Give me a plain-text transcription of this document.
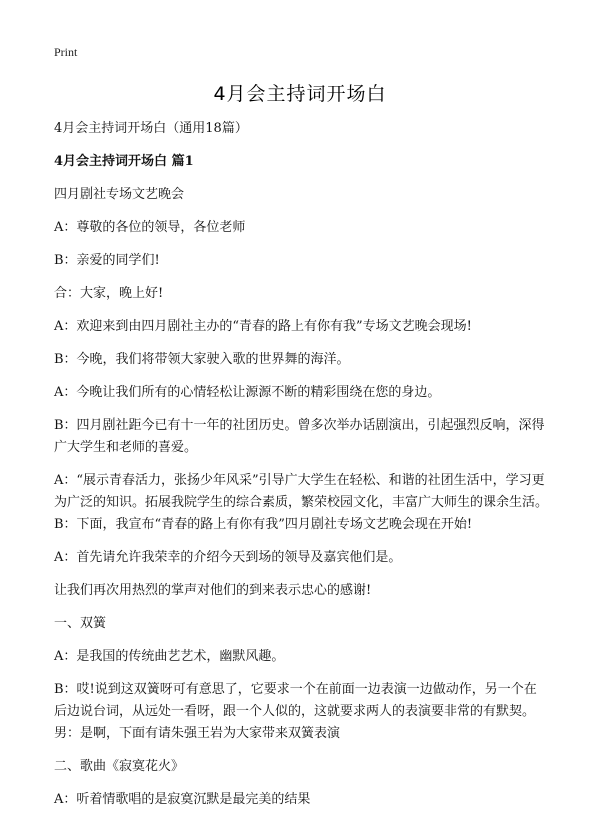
Print
4月会主持词开场白

4月会主持词开场白（通用18篇）

4月会主持词开场白 篇1

四月剧社专场文艺晚会

A：尊敬的各位的领导，各位老师

B：亲爱的同学们!

合：大家，晚上好!

A：欢迎来到由四月剧社主办的“青春的路上有你有我”专场文艺晚会现场!

B：今晚，我们将带领大家驶入歌的世界舞的海洋。

A：今晚让我们所有的心情轻松让源源不断的精彩围绕在您的身边。

B：四月剧社距今已有十一年的社团历史。曾多次举办话剧演出，引起强烈反响，深得广大学生和老师的喜爱。

A：“展示青春活力，张扬少年风采”引导广大学生在轻松、和谐的社团生活中，学习更为广泛的知识。拓展我院学生的综合素质，繁荣校园文化，丰富广大师生的课余生活。B：下面，我宣布“青春的路上有你有我”四月剧社专场文艺晚会现在开始!

A：首先请允许我荣幸的介绍今天到场的领导及嘉宾他们是。

让我们再次用热烈的掌声对他们的到来表示忠心的感谢!

一、双簧

A：是我国的传统曲艺艺术，幽默风趣。

B：哎!说到这双簧呀可有意思了，它要求一个在前面一边表演一边做动作，另一个在后边说台词，从远处一看呀，跟一个人似的，这就要求两人的表演要非常的有默契。男：是啊，下面有请朱强王岩为大家带来双簧表演

二、歌曲《寂寞花火》

A：听着情歌唱的是寂寞沉默是最完美的结果
